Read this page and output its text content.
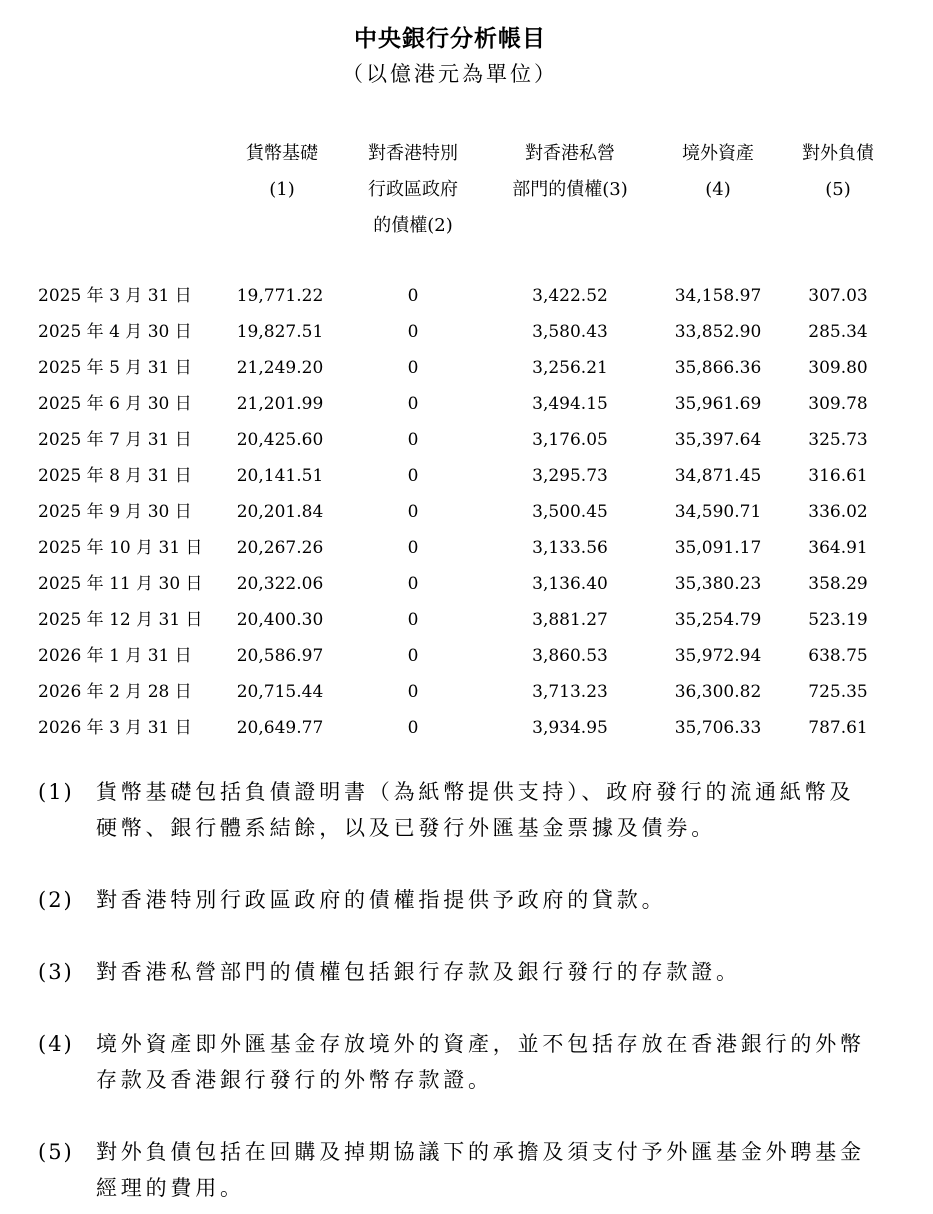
中央銀行分析帳目
（以億港元為單位）
貨幣基礎
(1)
對香港特別
行政區政府
的債權(2)
對香港私營
部門的債權(3)
境外資產
(4)
對外負債
(5)
2025 年 3 月 31 日	19,771.22	0	3,422.52	34,158.97	307.03
2025 年 4 月 30 日	19,827.51	0	3,580.43	33,852.90	285.34
2025 年 5 月 31 日	21,249.20	0	3,256.21	35,866.36	309.80
2025 年 6 月 30 日	21,201.99	0	3,494.15	35,961.69	309.78
2025 年 7 月 31 日	20,425.60	0	3,176.05	35,397.64	325.73
2025 年 8 月 31 日	20,141.51	0	3,295.73	34,871.45	316.61
2025 年 9 月 30 日	20,201.84	0	3,500.45	34,590.71	336.02
2025 年 10 月 31 日	20,267.26	0	3,133.56	35,091.17	364.91
2025 年 11 月 30 日	20,322.06	0	3,136.40	35,380.23	358.29
2025 年 12 月 31 日	20,400.30	0	3,881.27	35,254.79	523.19
2026 年 1 月 31 日	20,586.97	0	3,860.53	35,972.94	638.75
2026 年 2 月 28 日	20,715.44	0	3,713.23	36,300.82	725.35
2026 年 3 月 31 日	20,649.77	0	3,934.95	35,706.33	787.61
(1) 貨幣基礎包括負債證明書（為紙幣提供支持）、政府發行的流通紙幣及硬幣、銀行體系結餘，以及已發行外匯基金票據及債券。
(2) 對香港特別行政區政府的債權指提供予政府的貸款。
(3) 對香港私營部門的債權包括銀行存款及銀行發行的存款證。
(4) 境外資產即外匯基金存放境外的資產，並不包括存放在香港銀行的外幣存款及香港銀行發行的外幣存款證。
(5) 對外負債包括在回購及掉期協議下的承擔及須支付予外匯基金外聘基金經理的費用。
